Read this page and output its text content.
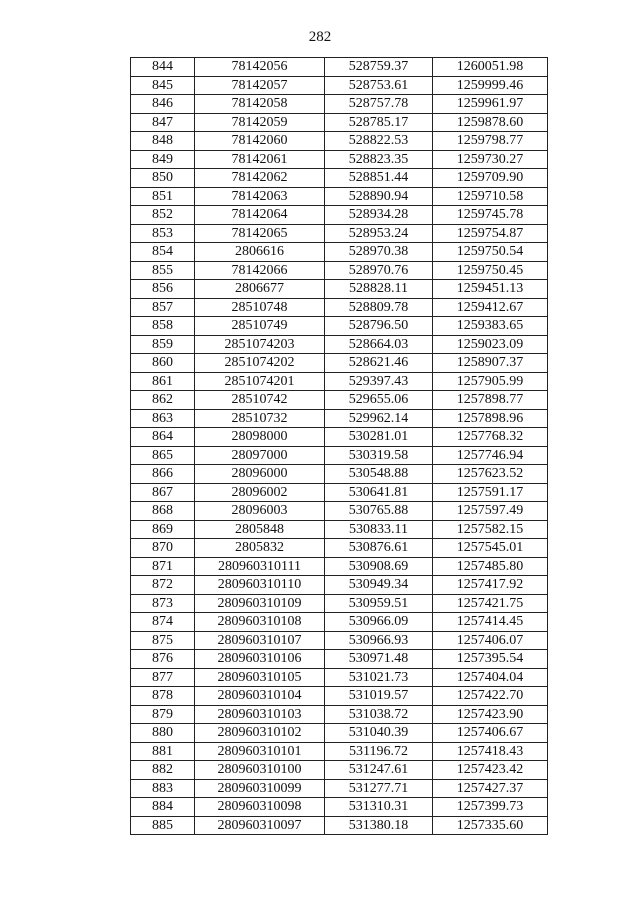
282
844	78142056	528759.37	1260051.98
845	78142057	528753.61	1259999.46
846	78142058	528757.78	1259961.97
847	78142059	528785.17	1259878.60
848	78142060	528822.53	1259798.77
849	78142061	528823.35	1259730.27
850	78142062	528851.44	1259709.90
851	78142063	528890.94	1259710.58
852	78142064	528934.28	1259745.78
853	78142065	528953.24	1259754.87
854	2806616	528970.38	1259750.54
855	78142066	528970.76	1259750.45
856	2806677	528828.11	1259451.13
857	28510748	528809.78	1259412.67
858	28510749	528796.50	1259383.65
859	2851074203	528664.03	1259023.09
860	2851074202	528621.46	1258907.37
861	2851074201	529397.43	1257905.99
862	28510742	529655.06	1257898.77
863	28510732	529962.14	1257898.96
864	28098000	530281.01	1257768.32
865	28097000	530319.58	1257746.94
866	28096000	530548.88	1257623.52
867	28096002	530641.81	1257591.17
868	28096003	530765.88	1257597.49
869	2805848	530833.11	1257582.15
870	2805832	530876.61	1257545.01
871	280960310111	530908.69	1257485.80
872	280960310110	530949.34	1257417.92
873	280960310109	530959.51	1257421.75
874	280960310108	530966.09	1257414.45
875	280960310107	530966.93	1257406.07
876	280960310106	530971.48	1257395.54
877	280960310105	531021.73	1257404.04
878	280960310104	531019.57	1257422.70
879	280960310103	531038.72	1257423.90
880	280960310102	531040.39	1257406.67
881	280960310101	531196.72	1257418.43
882	280960310100	531247.61	1257423.42
883	280960310099	531277.71	1257427.37
884	280960310098	531310.31	1257399.73
885	280960310097	531380.18	1257335.60
